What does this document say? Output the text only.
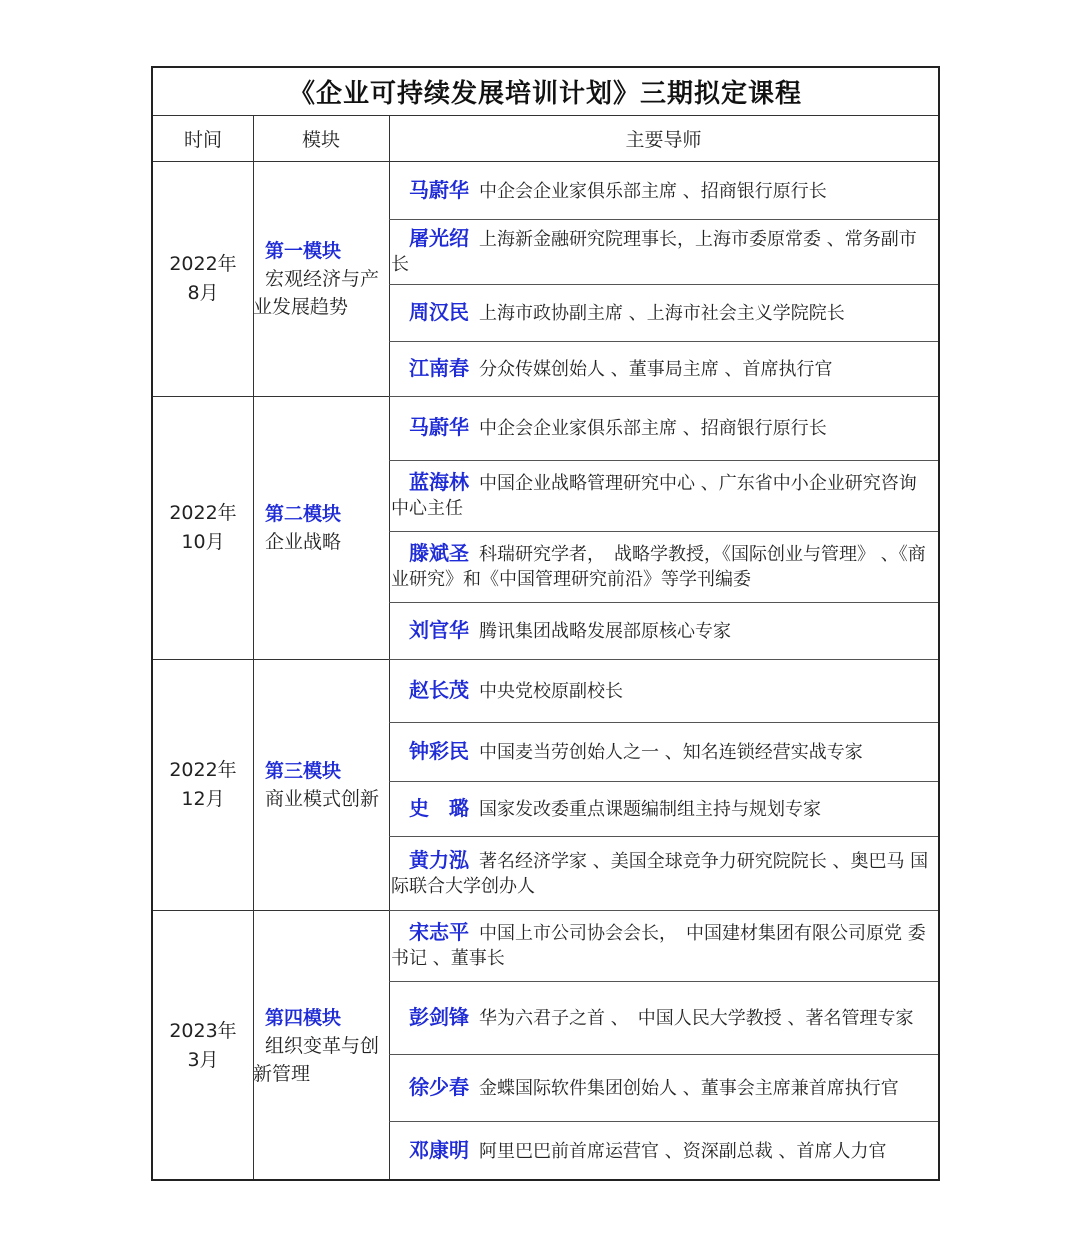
《企业可持续发展培训计划》三期拟定课程
时间	模块	主要导师
2022年
8月
第一模块
宏观经济与产业发展趋势
马蔚华 中企会企业家俱乐部主席 、招商银行原行长
屠光绍 上海新金融研究院理事长，上海市委原常委 、常务副市长
周汉民 上海市政协副主席 、上海市社会主义学院院长
江南春 分众传媒创始人 、董事局主席 、首席执行官
2022年
10月
第二模块
企业战略
马蔚华 中企会企业家俱乐部主席 、招商银行原行长
蓝海林 中国企业战略管理研究中心 、广东省中小企业研究咨询 中心主任
滕斌圣 科瑞研究学者，　战略学教授，《国际创业与管理》 、《商业研究》和《中国管理研究前沿》等学刊编委
刘官华 腾讯集团战略发展部原核心专家
2022年
12月
第三模块
商业模式创新
赵长茂 中央党校原副校长
钟彩民 中国麦当劳创始人之一 、知名连锁经营实战专家
史　璐 国家发改委重点课题编制组主持与规划专家
黄力泓 著名经济学家 、美国全球竞争力研究院院长 、奥巴马 国际联合大学创办人
2023年
3月
第四模块
组织变革与创新管理
宋志平 中国上市公司协会会长，　中国建材集团有限公司原党 委书记 、董事长
彭剑锋 华为六君子之首 、　中国人民大学教授 、著名管理专家
徐少春 金蝶国际软件集团创始人 、董事会主席兼首席执行官
邓康明 阿里巴巴前首席运营官 、资深副总裁 、首席人力官
